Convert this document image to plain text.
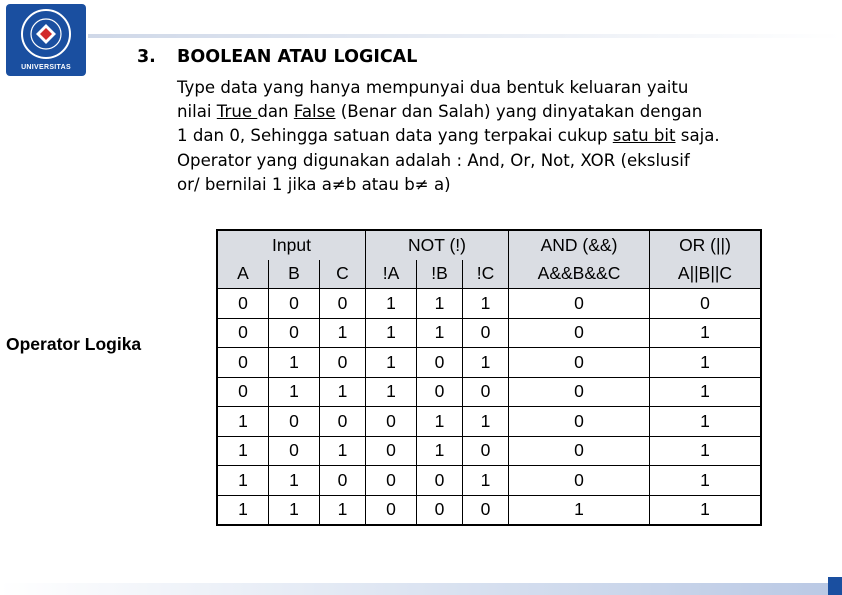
UNIVERSITAS
3. BOOLEAN ATAU LOGICAL
Type data yang hanya mempunyai dua bentuk keluaran yaitu
nilai True dan False (Benar dan Salah) yang dinyatakan dengan
1 dan 0, Sehingga satuan data yang terpakai cukup satu bit saja.
Operator yang digunakan adalah : And, Or, Not, XOR (ekslusif
or/ bernilai 1 jika a≠b atau b≠ a)
Operator Logika
Input			NOT (!)			AND (&&)	OR (||)
A	B	C	!A	!B	!C	A&&B&&C	A||B||C
0	0	0	1	1	1	0	0
0	0	1	1	1	0	0	1
0	1	0	1	0	1	0	1
0	1	1	1	0	0	0	1
1	0	0	0	1	1	0	1
1	0	1	0	1	0	0	1
1	1	0	0	0	1	0	1
1	1	1	0	0	0	1	1
